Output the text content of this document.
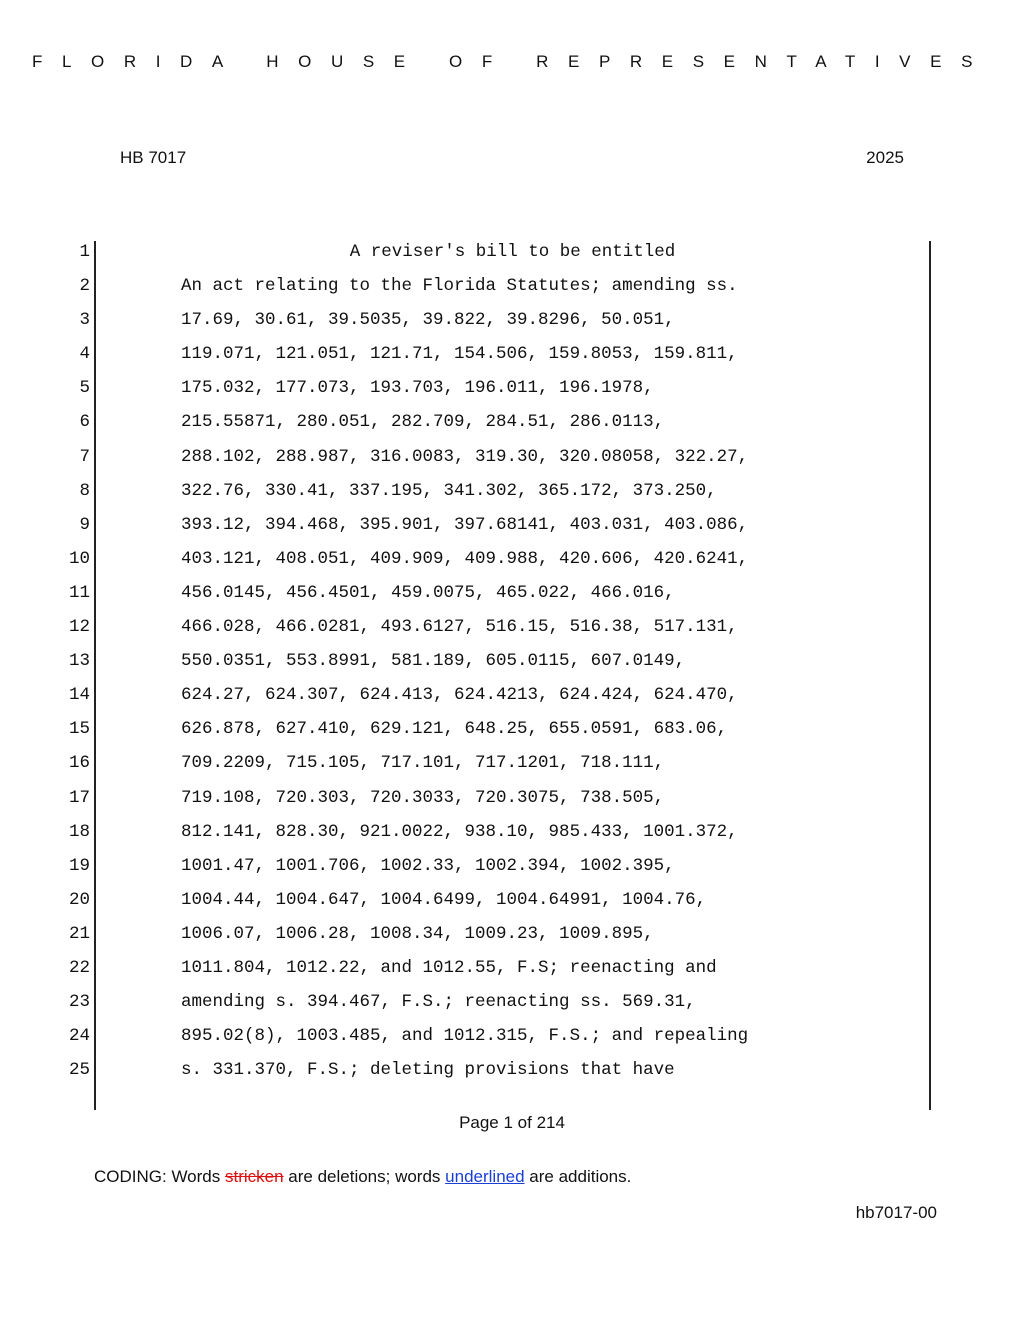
FLORIDA HOUSE OF REPRESENTATIVES
HB 7017	2025
1	A reviser's bill to be entitled
2	An act relating to the Florida Statutes; amending ss.
3	17.69, 30.61, 39.5035, 39.822, 39.8296, 50.051,
4	119.071, 121.051, 121.71, 154.506, 159.8053, 159.811,
5	175.032, 177.073, 193.703, 196.011, 196.1978,
6	215.55871, 280.051, 282.709, 284.51, 286.0113,
7	288.102, 288.987, 316.0083, 319.30, 320.08058, 322.27,
8	322.76, 330.41, 337.195, 341.302, 365.172, 373.250,
9	393.12, 394.468, 395.901, 397.68141, 403.031, 403.086,
10	403.121, 408.051, 409.909, 409.988, 420.606, 420.6241,
11	456.0145, 456.4501, 459.0075, 465.022, 466.016,
12	466.028, 466.0281, 493.6127, 516.15, 516.38, 517.131,
13	550.0351, 553.8991, 581.189, 605.0115, 607.0149,
14	624.27, 624.307, 624.413, 624.4213, 624.424, 624.470,
15	626.878, 627.410, 629.121, 648.25, 655.0591, 683.06,
16	709.2209, 715.105, 717.101, 717.1201, 718.111,
17	719.108, 720.303, 720.3033, 720.3075, 738.505,
18	812.141, 828.30, 921.0022, 938.10, 985.433, 1001.372,
19	1001.47, 1001.706, 1002.33, 1002.394, 1002.395,
20	1004.44, 1004.647, 1004.6499, 1004.64991, 1004.76,
21	1006.07, 1006.28, 1008.34, 1009.23, 1009.895,
22	1011.804, 1012.22, and 1012.55, F.S; reenacting and
23	amending s. 394.467, F.S.; reenacting ss. 569.31,
24	895.02(8), 1003.485, and 1012.315, F.S.; and repealing
25	s. 331.370, F.S.; deleting provisions that have
Page 1 of 214
CODING: Words stricken are deletions; words underlined are additions.
hb7017-00
